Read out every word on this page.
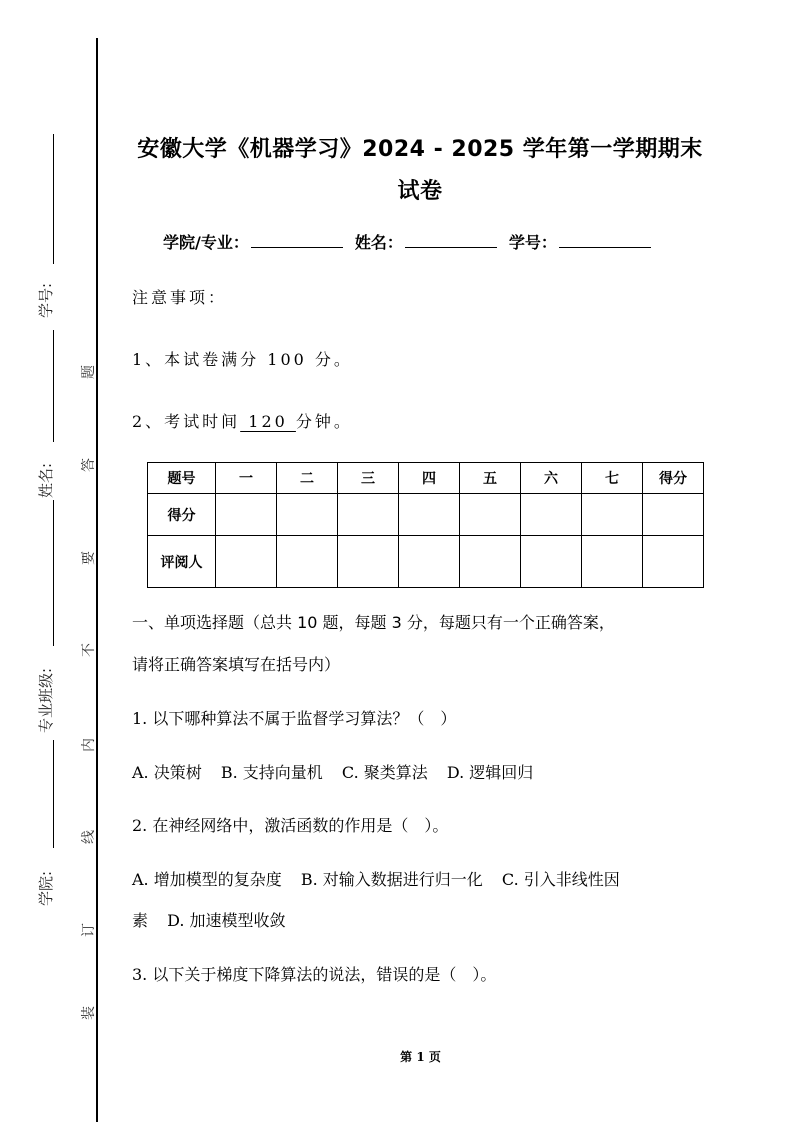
学号:
姓名:
专业班级:
学院:
题
答
要
不
内
线
订
装
安徽大学《机器学习》2024 - 2025 学年第一学期期末
试卷
学院/专业：	姓名：	学号：
注意事项：
1、本试卷满分 100 分。
2、考试时间 120 分钟。
题号	一	二	三	四	五	六	七	得分
得分								
评阅人								
一、单项选择题（总共 10 题，每题 3 分，每题只有一个正确答案，
请将正确答案填写在括号内）
1. 以下哪种算法不属于监督学习算法？（　）
A. 决策树 B. 支持向量机 C. 聚类算法 D. 逻辑回归
2. 在神经网络中，激活函数的作用是（　）。
A. 增加模型的复杂度 B. 对输入数据进行归一化 C. 引入非线性因
素 D. 加速模型收敛
3. 以下关于梯度下降算法的说法，错误的是（　）。
第 1 页
